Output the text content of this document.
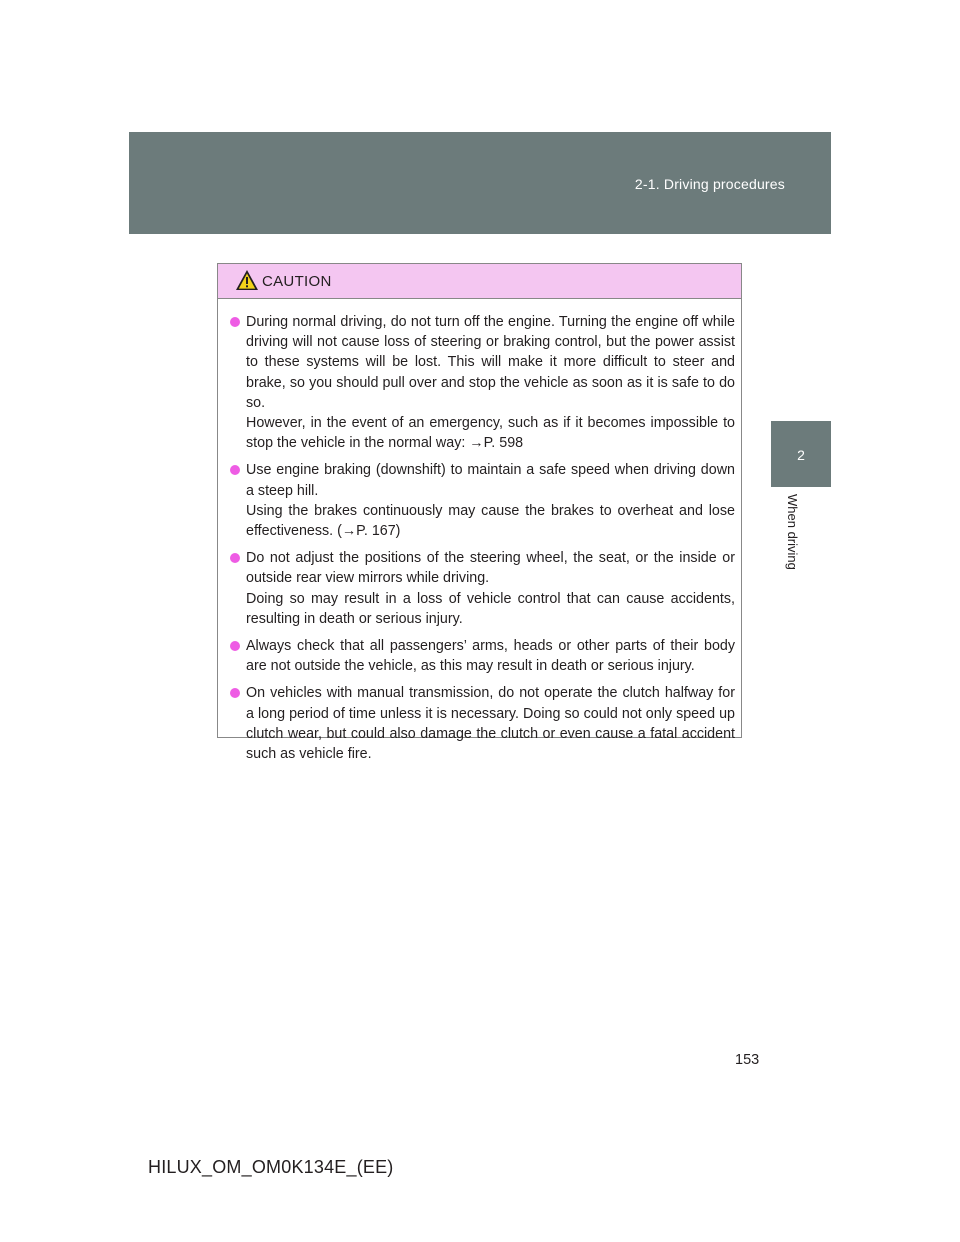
2-1. Driving procedures
2
When driving
CAUTION

During normal driving, do not turn off the engine. Turning the engine off while driving will not cause loss of steering or braking control, but the power assist to these systems will be lost. This will make it more difficult to steer and brake, so you should pull over and stop the vehicle as soon as it is safe to do so.

However, in the event of an emergency, such as if it becomes impossible to stop the vehicle in the normal way: →P. 598

Use engine braking (downshift) to maintain a safe speed when driving down a steep hill.

Using the brakes continuously may cause the brakes to overheat and lose effectiveness. (→P. 167)

Do not adjust the positions of the steering wheel, the seat, or the inside or outside rear view mirrors while driving.

Doing so may result in a loss of vehicle control that can cause accidents, resulting in death or serious injury.

Always check that all passengers’ arms, heads or other parts of their body are not outside the vehicle, as this may result in death or serious injury.

On vehicles with manual transmission, do not operate the clutch halfway for a long period of time unless it is necessary. Doing so could not only speed up clutch wear, but could also damage the clutch or even cause a fatal accident such as vehicle fire.

153
HILUX_OM_OM0K134E_(EE)
